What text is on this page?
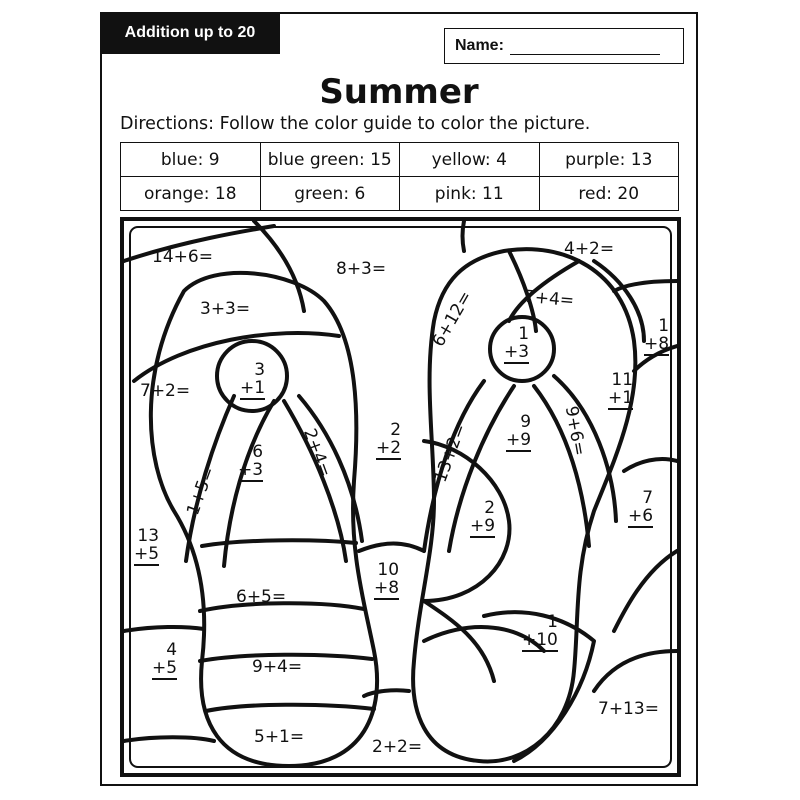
Addition up to 20
Name:
Summer
Directions: Follow the color guide to color the picture.
blue: 9	blue green: 15	yellow: 4	purple: 13
orange: 18	green: 6	pink: 11	red: 20
14+6=
8+3=
3+3=
7+2=
1+5=
2+4=
6+5=
9+4=
5+1=	2+2=
4+2=
7+4=
6+12=
13+2=	9+6=
7+13=
3
+1
6
+3
2
+2
13
+5
10
+8
4
+5
1
+3
1
+8
11
+1
9
+9
2
+9
7
+6
1
+10
